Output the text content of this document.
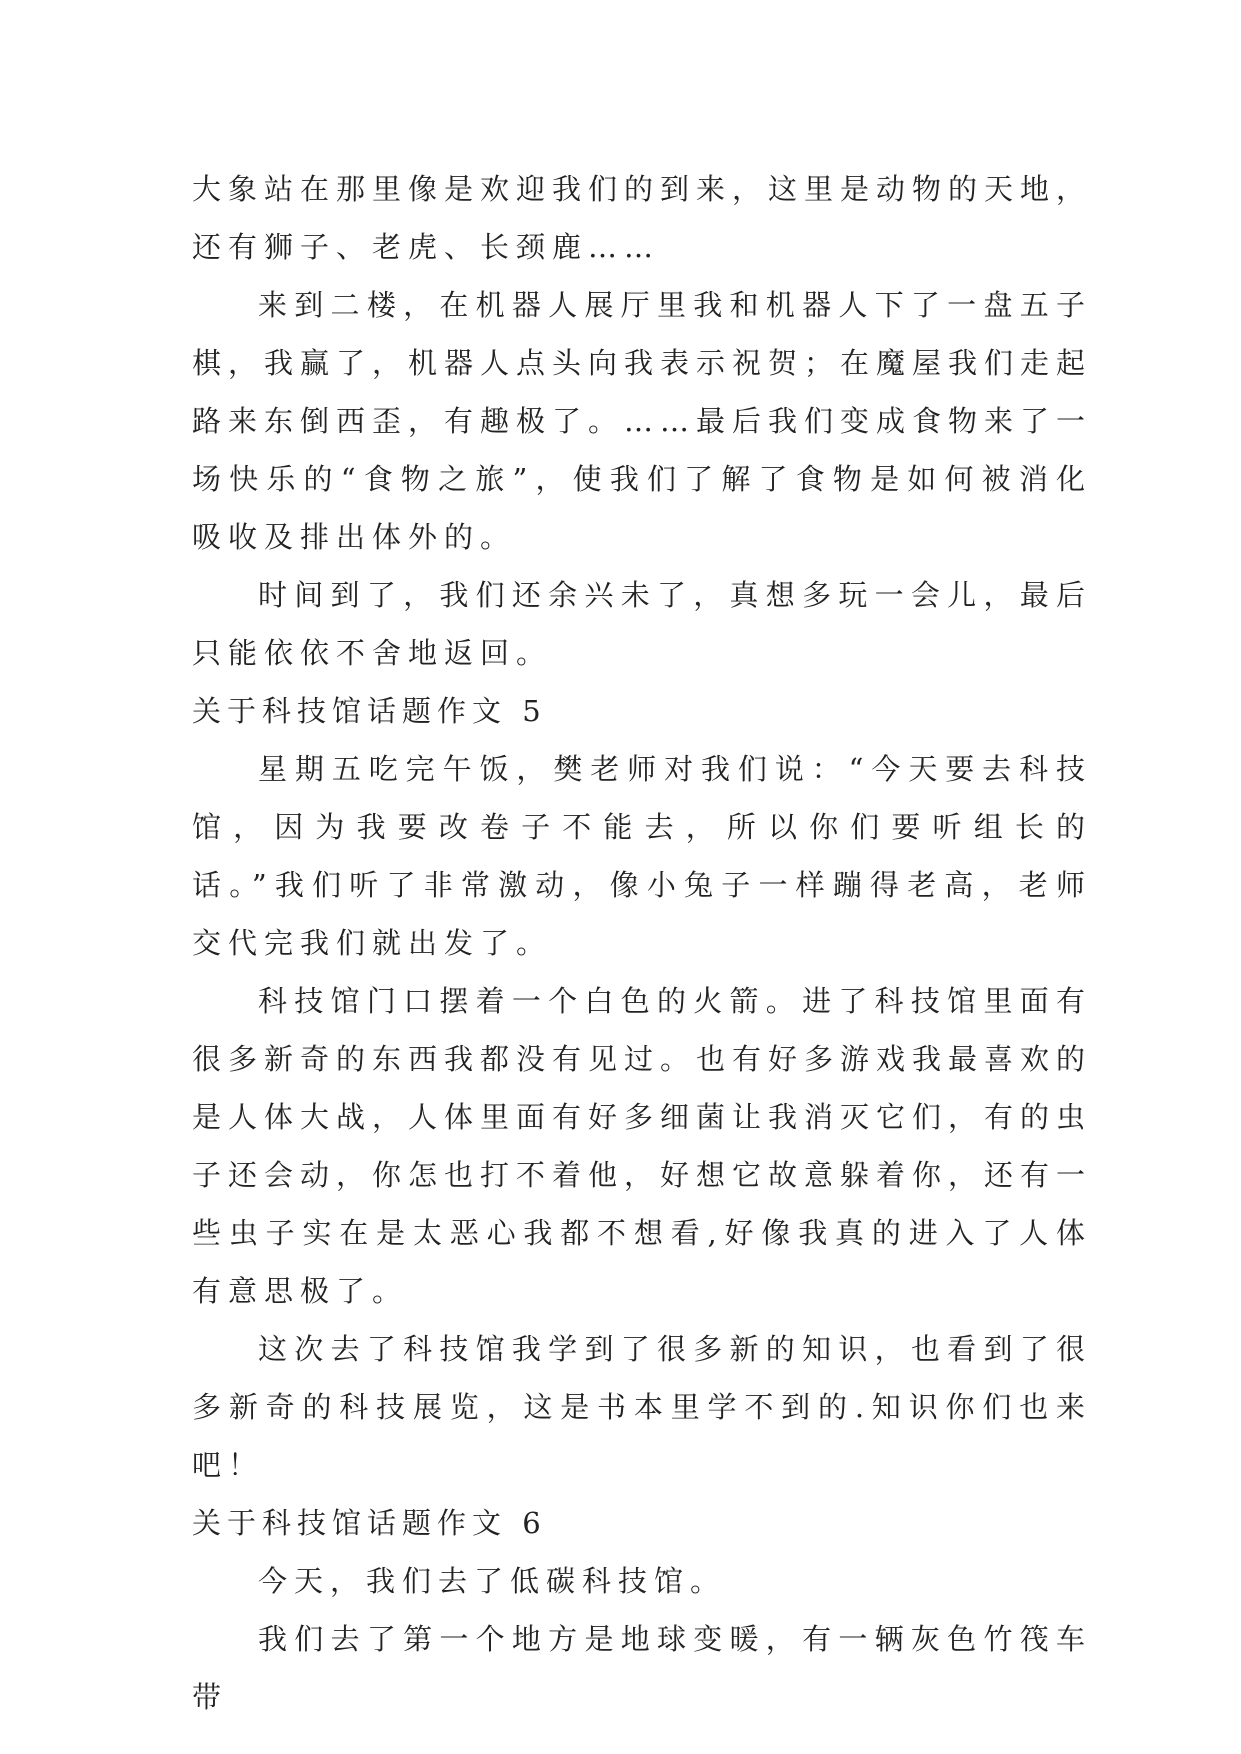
大象站在那里像是欢迎我们的到来，这里是动物的天地，还有狮子、老虎、长颈鹿……

来到二楼，在机器人展厅里我和机器人下了一盘五子棋，我赢了，机器人点头向我表示祝贺；在魔屋我们走起路来东倒西歪，有趣极了。……最后我们变成食物来了一场快乐的“食物之旅”，使我们了解了食物是如何被消化吸收及排出体外的。

时间到了，我们还余兴未了，真想多玩一会儿，最后只能依依不舍地返回。

关于科技馆话题作文 5

星期五吃完午饭，樊老师对我们说：“今天要去科技馆，因为我要改卷子不能去，所以你们要听组长的话。”我们听了非常激动，像小兔子一样蹦得老高，老师交代完我们就出发了。

科技馆门口摆着一个白色的火箭。进了科技馆里面有很多新奇的东西我都没有见过。也有好多游戏我最喜欢的是人体大战，人体里面有好多细菌让我消灭它们，有的虫子还会动，你怎也打不着他，好想它故意躲着你，还有一些虫子实在是太恶心我都不想看,好像我真的进入了人体有意思极了。

这次去了科技馆我学到了很多新的知识，也看到了很多新奇的科技展览，这是书本里学不到的.知识你们也来吧！

关于科技馆话题作文 6

今天，我们去了低碳科技馆。

我们去了第一个地方是地球变暖，有一辆灰色竹筏车带
